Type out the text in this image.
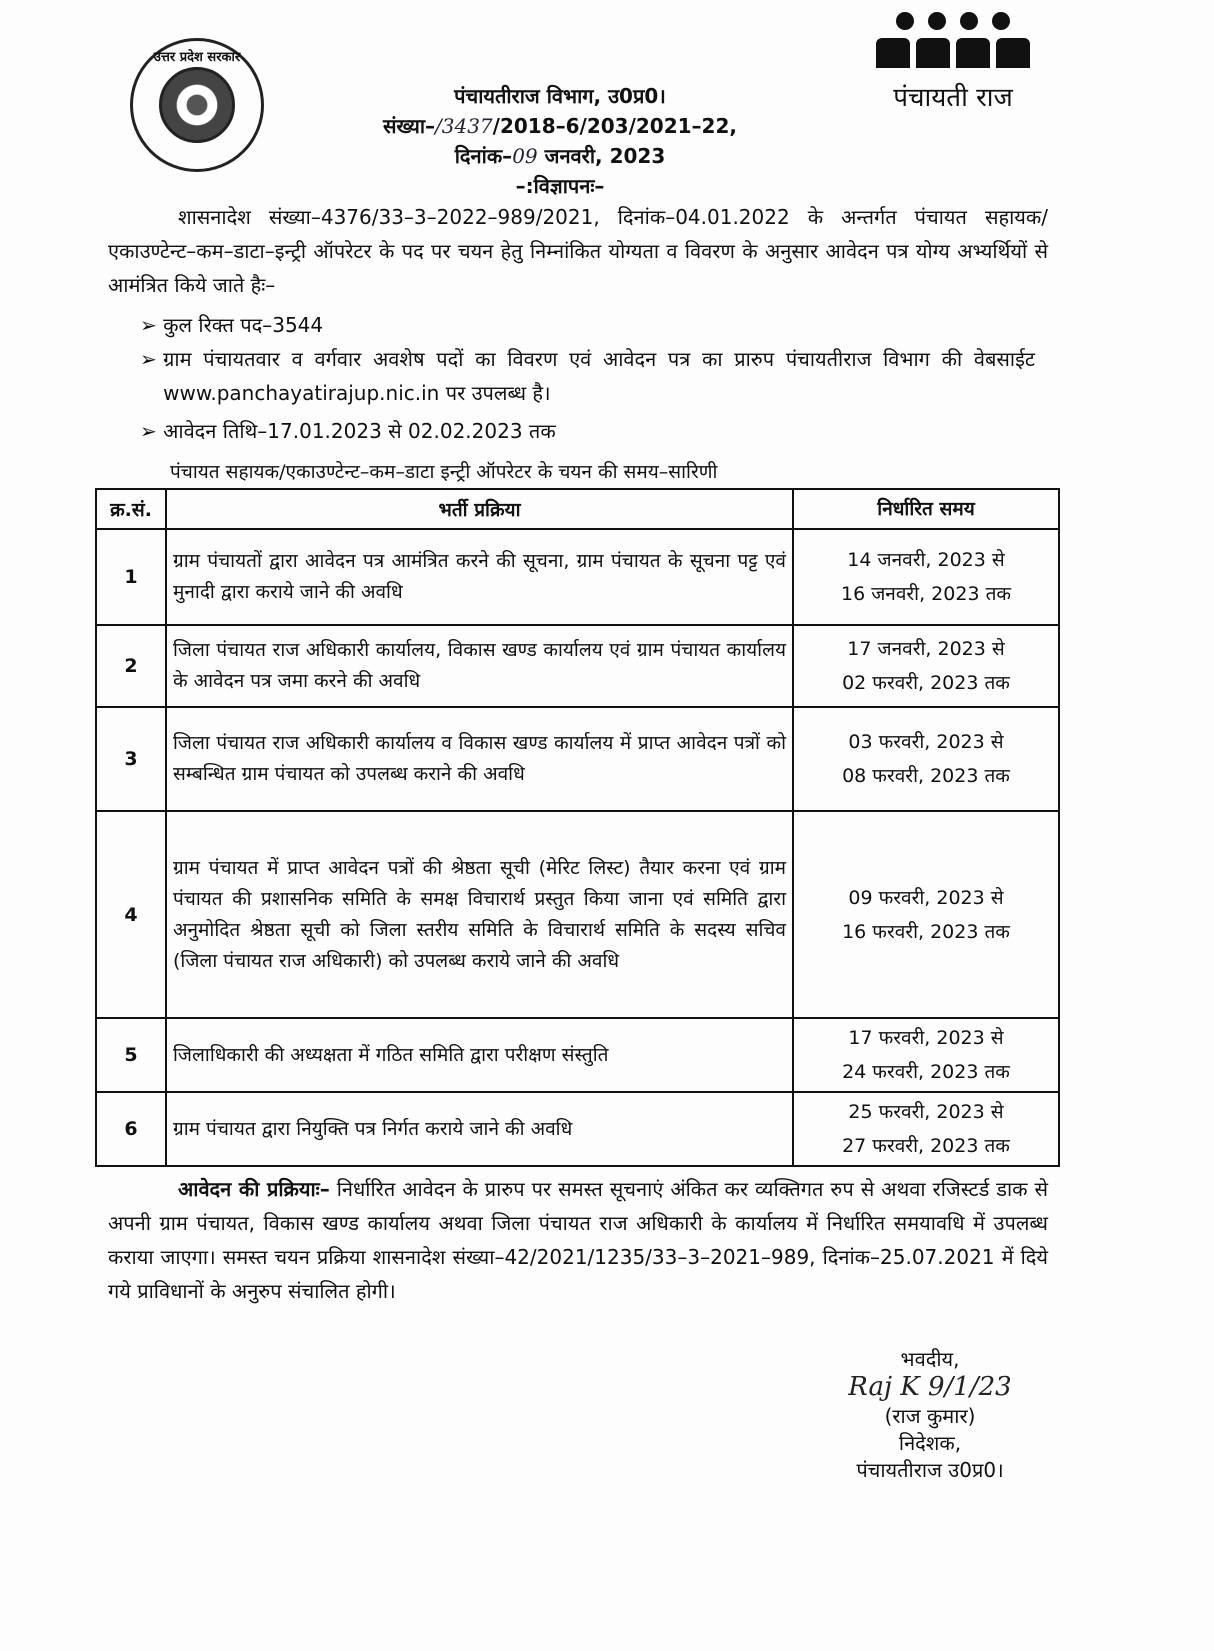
उत्तर प्रदेश सरकार
पंचायती राज
पंचायतीराज विभाग, उ0प्र0।
संख्या–/3437/2018–6/203/2021–22,
दिनांक–09 जनवरी, 2023
–:विज्ञापनः–
शासनादेश संख्या–4376/33–3–2022–989/2021, दिनांक–04.01.2022 के अन्तर्गत पंचायत सहायक/एकाउण्टेन्ट–कम–डाटा–इन्ट्री ऑपरेटर के पद पर चयन हेतु निम्नांकित योग्यता व विवरण के अनुसार आवेदन पत्र योग्य अभ्यर्थियों से आमंत्रित किये जाते हैः–
➢ कुल रिक्त पद–3544
➢ ग्राम पंचायतवार व वर्गवार अवशेष पदों का विवरण एवं आवेदन पत्र का प्रारुप पंचायतीराज विभाग की वेबसाईट www.panchayatirajup.nic.in पर उपलब्ध है।
➢ आवेदन तिथि–17.01.2023 से 02.02.2023 तक
पंचायत सहायक/एकाउण्टेन्ट–कम–डाटा इन्ट्री ऑपरेटर के चयन की समय–सारिणी
क्र.सं.	भर्ती प्रक्रिया	निर्धारित समय
1	ग्राम पंचायतों द्वारा आवेदन पत्र आमंत्रित करने की सूचना, ग्राम पंचायत के सूचना पट्ट एवं मुनादी द्वारा कराये जाने की अवधि	14 जनवरी, 2023 से
16 जनवरी, 2023 तक

2	जिला पंचायत राज अधिकारी कार्यालय, विकास खण्ड कार्यालय एवं ग्राम पंचायत कार्यालय के आवेदन पत्र जमा करने की अवधि	17 जनवरी, 2023 से
02 फरवरी, 2023 तक

3	जिला पंचायत राज अधिकारी कार्यालय व विकास खण्ड कार्यालय में प्राप्त आवेदन पत्रों को सम्बन्धित ग्राम पंचायत को उपलब्ध कराने की अवधि	03 फरवरी, 2023 से
08 फरवरी, 2023 तक

4	ग्राम पंचायत में प्राप्त आवेदन पत्रों की श्रेष्ठता सूची (मेरिट लिस्ट) तैयार करना एवं ग्राम पंचायत की प्रशासनिक समिति के समक्ष विचारार्थ प्रस्तुत किया जाना एवं समिति द्वारा अनुमोदित श्रेष्ठता सूची को जिला स्तरीय समिति के विचारार्थ समिति के सदस्य सचिव (जिला पंचायत राज अधिकारी) को उपलब्ध कराये जाने की अवधि	09 फरवरी, 2023 से
16 फरवरी, 2023 तक

5	जिलाधिकारी की अध्यक्षता में गठित समिति द्वारा परीक्षण संस्तुति	17 फरवरी, 2023 से
24 फरवरी, 2023 तक

6	ग्राम पंचायत द्वारा नियुक्ति पत्र निर्गत कराये जाने की अवधि	25 फरवरी, 2023 से
27 फरवरी, 2023 तक
आवेदन की प्रक्रियाः– निर्धारित आवेदन के प्रारुप पर समस्त सूचनाएं अंकित कर व्यक्तिगत रुप से अथवा रजिस्टर्ड डाक से अपनी ग्राम पंचायत, विकास खण्ड कार्यालय अथवा जिला पंचायत राज अधिकारी के कार्यालय में निर्धारित समयावधि में उपलब्ध कराया जाएगा। समस्त चयन प्रक्रिया शासनादेश संख्या–42/2021/1235/33–3–2021–989, दिनांक–25.07.2021 में दिये गये प्राविधानों के अनुरुप संचालित होगी।
भवदीय,
Raj K 9/1/23
(राज कुमार)
निदेशक,
पंचायतीराज उ0प्र0।
